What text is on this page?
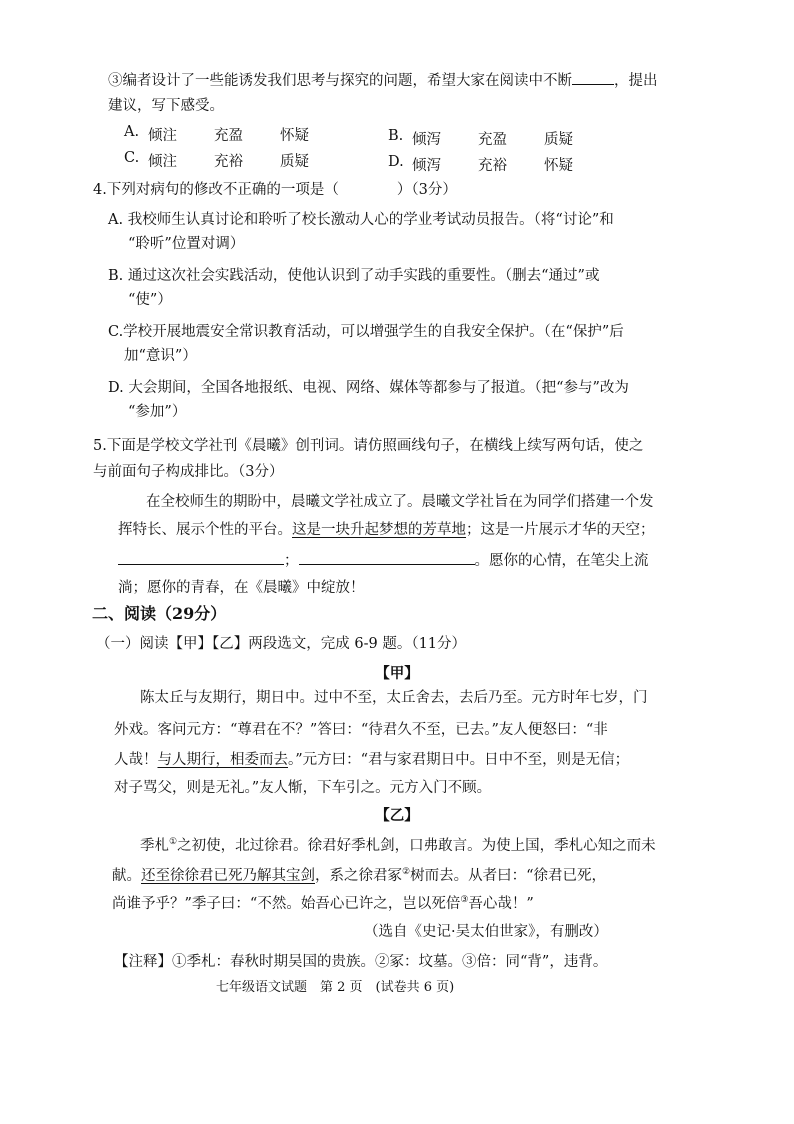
③编者设计了一些能诱发我们思考与探究的问题，希望大家在阅读中不断	，提出
建议，写下感受。
A. 倾注	充盈	怀疑	B. 倾泻	充盈	质疑
C. 倾注	充裕	质疑	D. 倾泻	充裕	怀疑
4.下列对病句的修改不正确的一项是（	）（3分）
A. 我校师生认真讨论和聆听了校长激动人心的学业考试动员报告。（将“讨论”和
“聆听”位置对调）
B. 通过这次社会实践活动，使他认识到了动手实践的重要性。（删去“通过”或
“使”）
C.学校开展地震安全常识教育活动，可以增强学生的自我安全保护。（在“保护”后
加“意识”）
D. 大会期间，全国各地报纸、电视、网络、媒体等都参与了报道。（把“参与”改为
“参加”）
5.下面是学校文学社刊《晨曦》创刊词。请仿照画线句子，在横线上续写两句话，使之
与前面句子构成排比。（3分）
在全校师生的期盼中，晨曦文学社成立了。晨曦文学社旨在为同学们搭建一个发
挥特长、展示个性的平台。这是一块升起梦想的芳草地；这是一片展示才华的天空；
；	。愿你的心情，在笔尖上流
淌；愿你的青春，在《晨曦》中绽放！
二、阅读（29分）
（一）阅读【甲】【乙】两段选文，完成 6-9 题。（11分）
【甲】
陈太丘与友期行，期日中。过中不至，太丘舍去，去后乃至。元方时年七岁，门
外戏。客问元方：“尊君在不？”答曰：“待君久不至，已去。”友人便怒曰：“非
人哉！与人期行，相委而去。”元方曰：“君与家君期日中。日中不至，则是无信；
对子骂父，则是无礼。”友人惭，下车引之。元方入门不顾。
【乙】
季札①之初使，北过徐君。徐君好季札剑，口弗敢言。为使上国，季札心知之而未
献。还至徐徐君已死乃解其宝剑，系之徐君冢②树而去。从者曰：“徐君已死，
尚谁予乎？”季子曰：“不然。始吾心已许之，岂以死倍③吾心哉！”
（选自《史记·吴太伯世家》，有删改）
【注释】①季札：春秋时期吴国的贵族。②冢：坟墓。③倍：同“背”，违背。
七年级语文试题　第 2 页　(试卷共 6 页)
